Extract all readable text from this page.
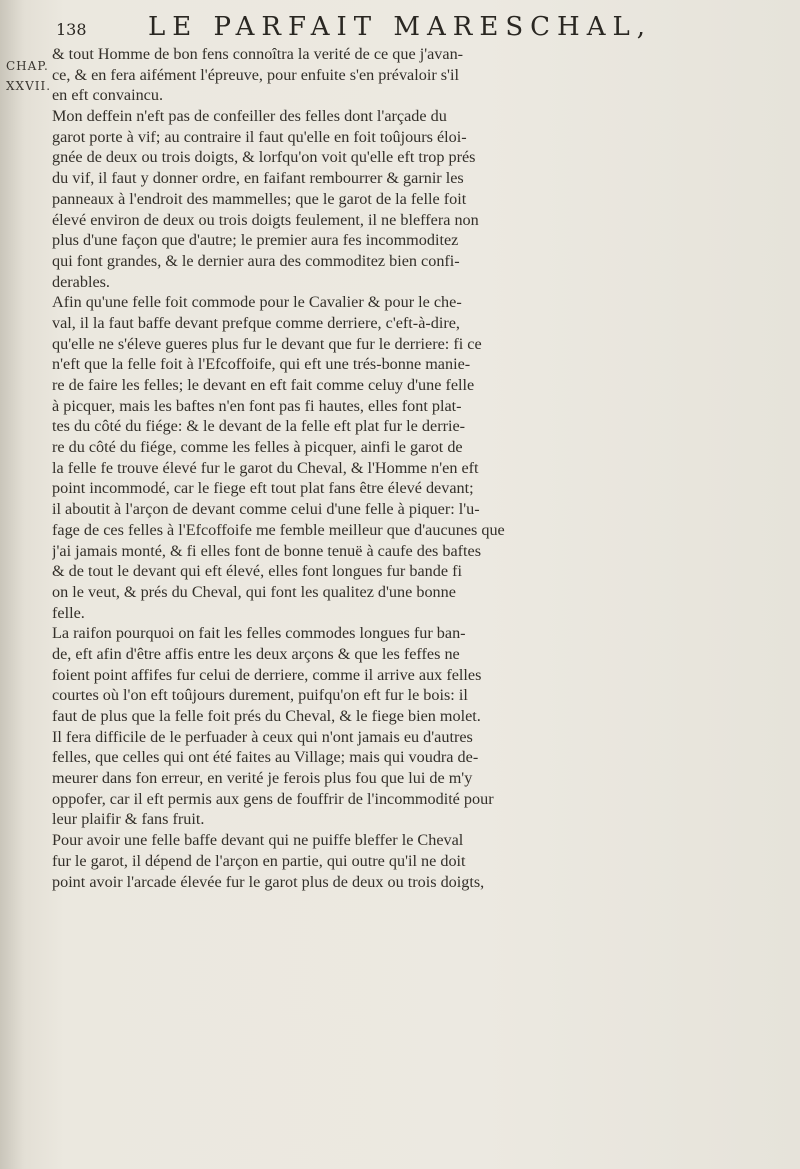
138	LE PARFAIT MARESCHAL,
CHAP.
XXVII.
& tout Homme de bon fens connoîtra la verité de ce que j'avan-
ce, & en fera aifément l'épreuve, pour enfuite s'en prévaloir s'il
en eft convaincu.
Mon deffein n'eft pas de confeiller des felles dont l'arçade du
garot porte à vif; au contraire il faut qu'elle en foit toûjours éloi-
gnée de deux ou trois doigts, & lorfqu'on voit qu'elle eft trop prés
du vif, il faut y donner ordre, en faifant rembourrer & garnir les
panneaux à l'endroit des mammelles; que le garot de la felle foit
élevé environ de deux ou trois doigts feulement, il ne bleffera non
plus d'une façon que d'autre; le premier aura fes incommoditez
qui font grandes, & le dernier aura des commoditez bien confi-
derables.
Afin qu'une felle foit commode pour le Cavalier & pour le che-
val, il la faut baffe devant prefque comme derriere, c'eft-à-dire,
qu'elle ne s'éleve gueres plus fur le devant que fur le derriere: fi ce
n'eft que la felle foit à l'Efcoffoife, qui eft une trés-bonne manie-
re de faire les felles; le devant en eft fait comme celuy d'une felle
à picquer, mais les baftes n'en font pas fi hautes, elles font plat-
tes du côté du fiége: & le devant de la felle eft plat fur le derrie-
re du côté du fiége, comme les felles à picquer, ainfi le garot de
la felle fe trouve élevé fur le garot du Cheval, & l'Homme n'en eft
point incommodé, car le fiege eft tout plat fans être élevé devant;
il aboutit à l'arçon de devant comme celui d'une felle à piquer: l'u-
fage de ces felles à l'Efcoffoife me femble meilleur que d'aucunes que
j'ai jamais monté, & fi elles font de bonne tenuë à caufe des baftes
& de tout le devant qui eft élevé, elles font longues fur bande fi
on le veut, & prés du Cheval, qui font les qualitez d'une bonne
felle.
La raifon pourquoi on fait les felles commodes longues fur ban-
de, eft afin d'être affis entre les deux arçons & que les feffes ne
foient point affifes fur celui de derriere, comme il arrive aux felles
courtes où l'on eft toûjours durement, puifqu'on eft fur le bois: il
faut de plus que la felle foit prés du Cheval, & le fiege bien molet.
Il fera difficile de le perfuader à ceux qui n'ont jamais eu d'autres
felles, que celles qui ont été faites au Village; mais qui voudra de-
meurer dans fon erreur, en verité je ferois plus fou que lui de m'y
oppofer, car il eft permis aux gens de fouffrir de l'incommodité pour
leur plaifir & fans fruit.
Pour avoir une felle baffe devant qui ne puiffe bleffer le Cheval
fur le garot, il dépend de l'arçon en partie, qui outre qu'il ne doit
point avoir l'arcade élevée fur le garot plus de deux ou trois doigts,
